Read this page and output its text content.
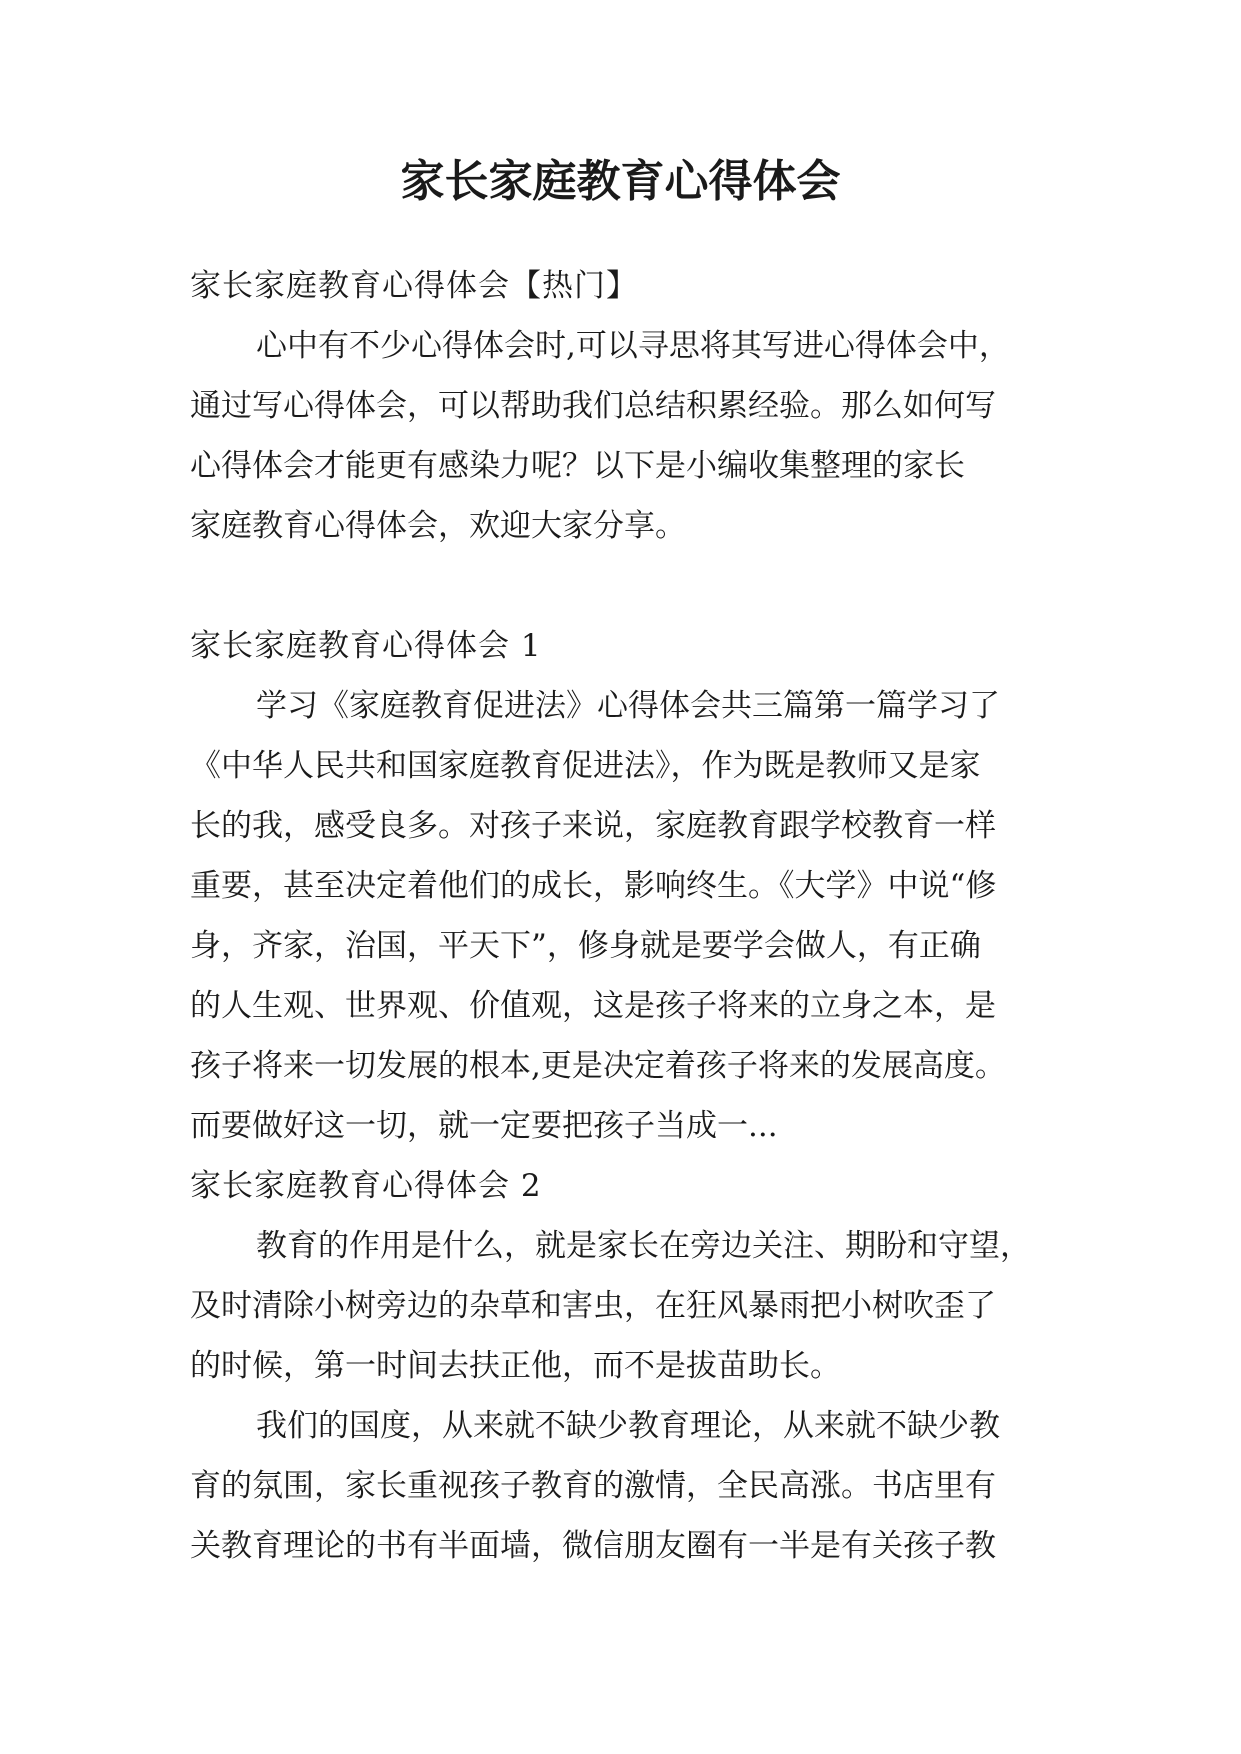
家长家庭教育心得体会

家长家庭教育心得体会【热门】

心中有不少心得体会时,可以寻思将其写进心得体会中，

通过写心得体会，可以帮助我们总结积累经验。那么如何写

心得体会才能更有感染力呢？以下是小编收集整理的家长

家庭教育心得体会，欢迎大家分享。

家长家庭教育心得体会 1

学习《家庭教育促进法》心得体会共三篇第一篇学习了

《中华人民共和国家庭教育促进法》，作为既是教师又是家

长的我，感受良多。对孩子来说，家庭教育跟学校教育一样

重要，甚至决定着他们的成长，影响终生。《大学》中说“修

身，齐家，治国，平天下”，修身就是要学会做人，有正确

的人生观、世界观、价值观，这是孩子将来的立身之本，是

孩子将来一切发展的根本,更是决定着孩子将来的发展高度。

而要做好这一切，就一定要把孩子当成一...

家长家庭教育心得体会 2

教育的作用是什么，就是家长在旁边关注、期盼和守望，

及时清除小树旁边的杂草和害虫，在狂风暴雨把小树吹歪了

的时候，第一时间去扶正他，而不是拔苗助长。

我们的国度，从来就不缺少教育理论，从来就不缺少教

育的氛围，家长重视孩子教育的激情，全民高涨。书店里有

关教育理论的书有半面墙，微信朋友圈有一半是有关孩子教
